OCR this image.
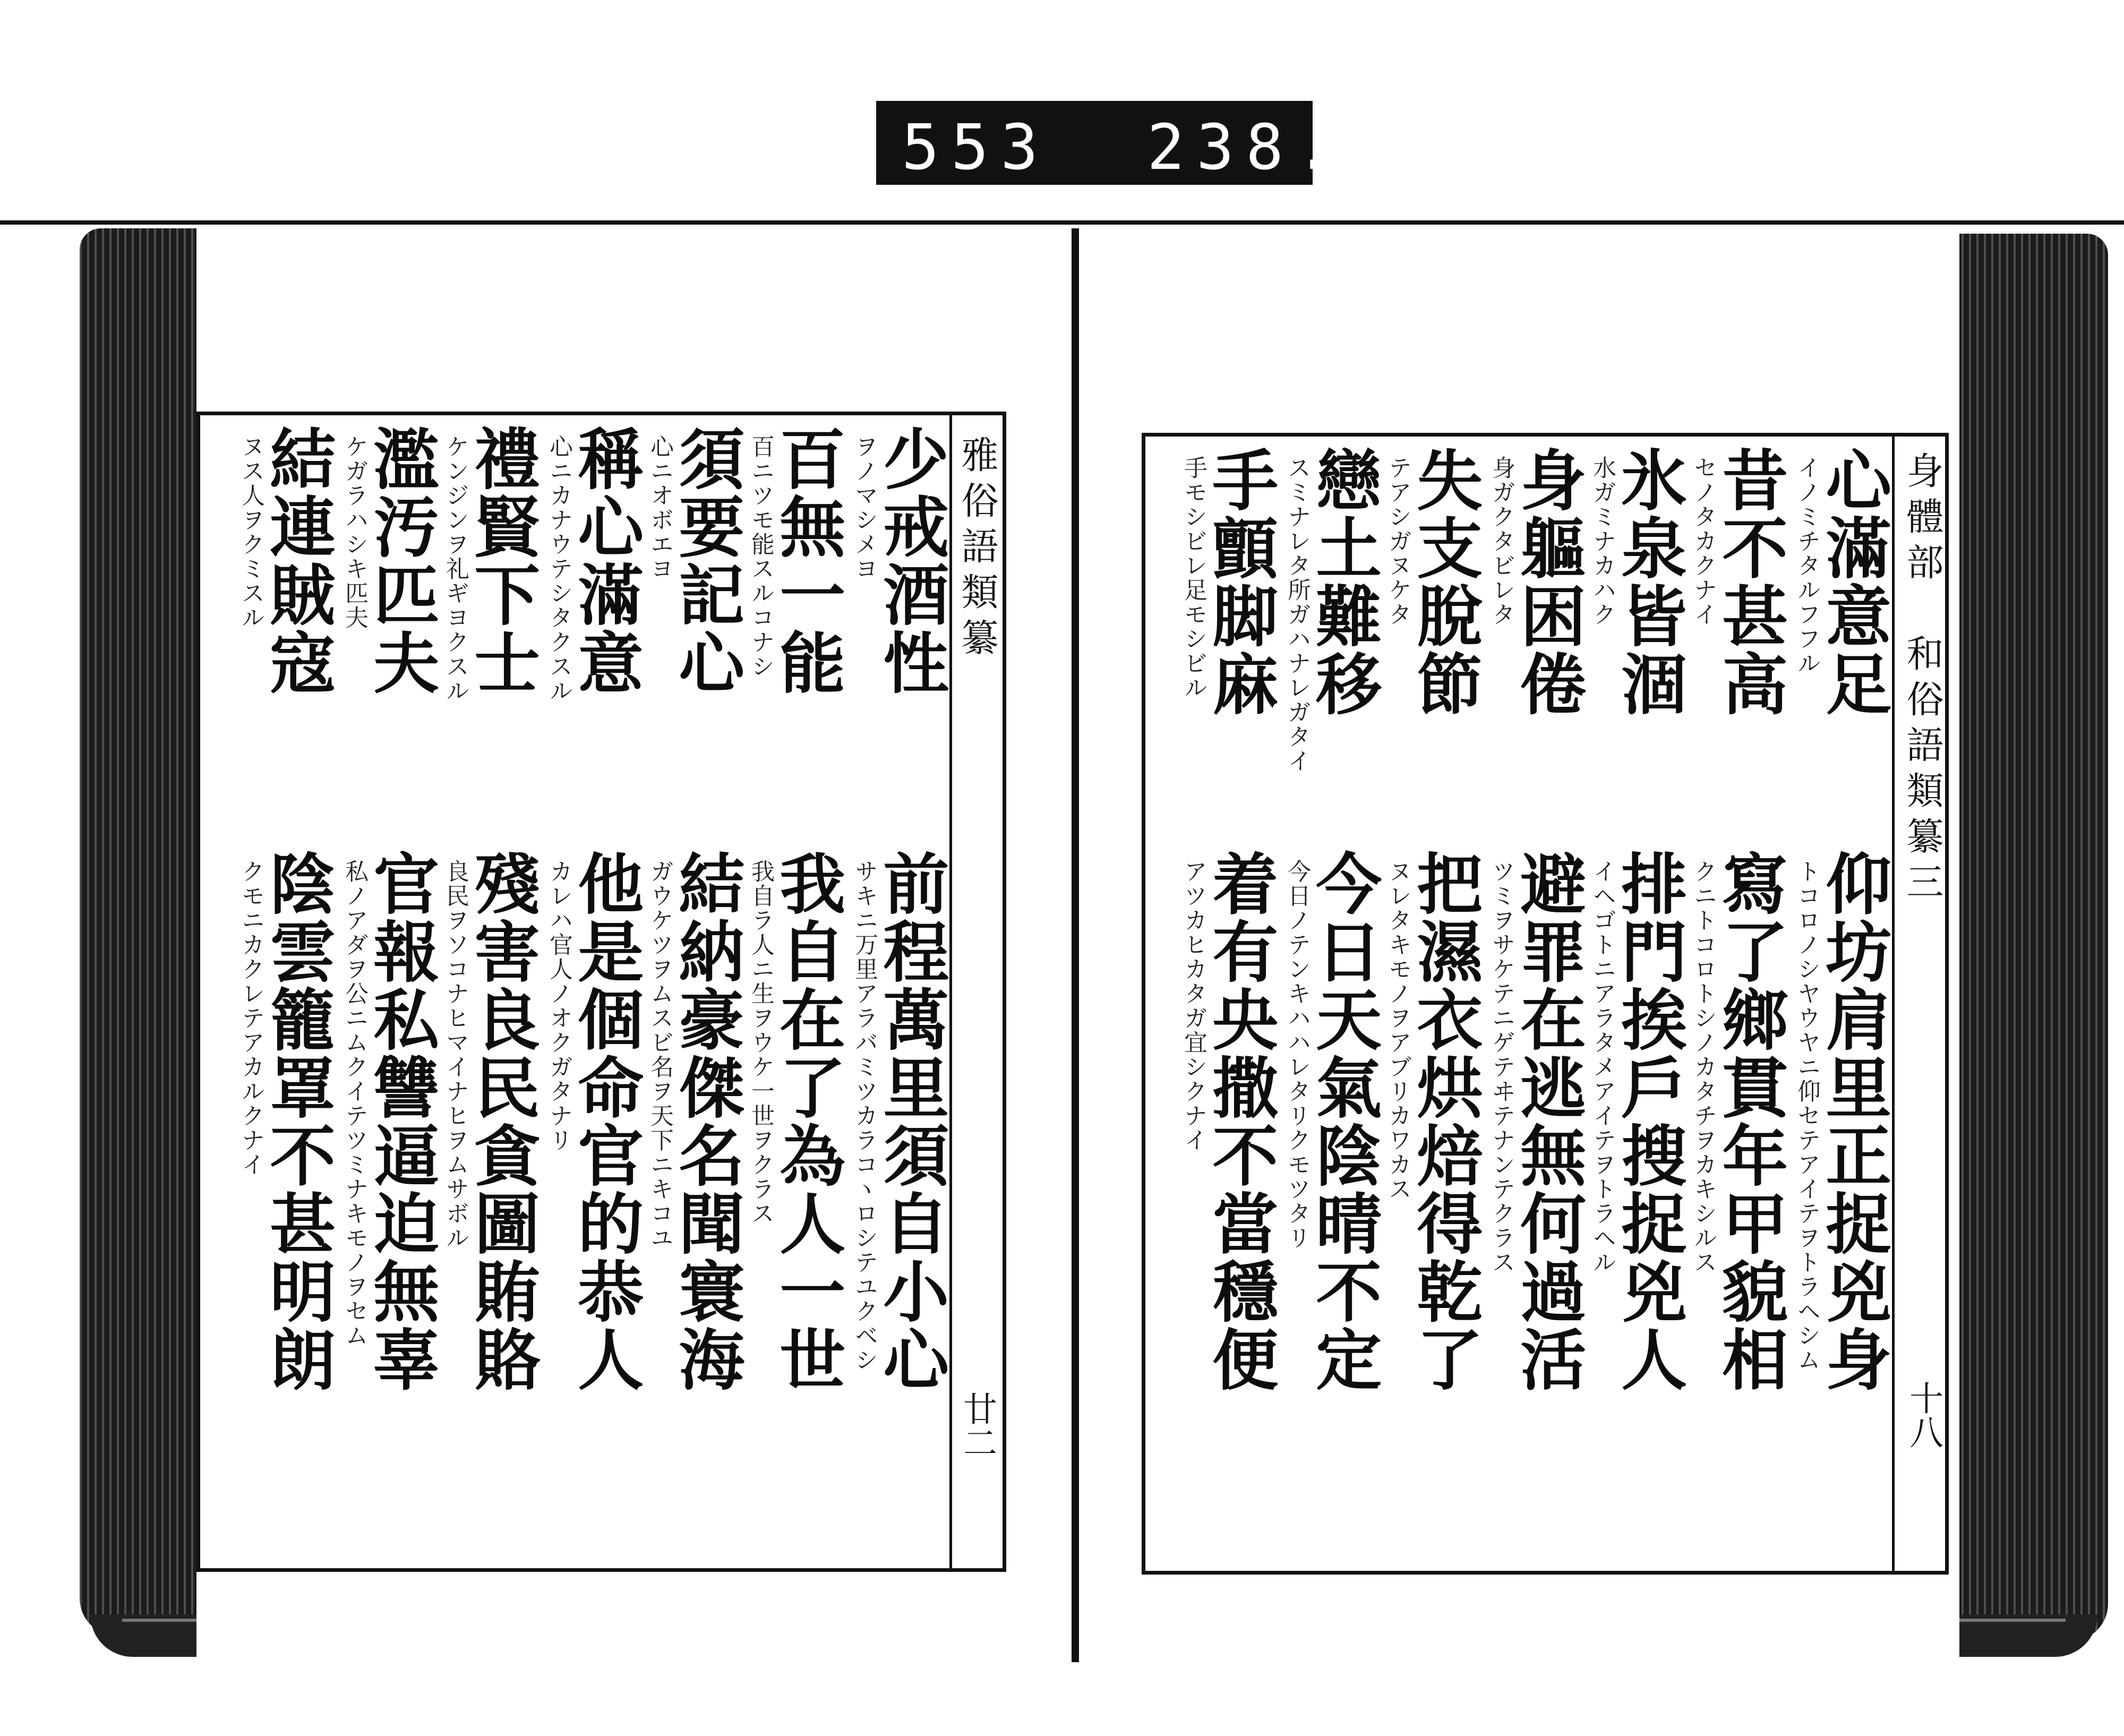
553 238.
雅俗語類纂
廿二
少戒酒性
ヲノマシメヨ
百無一能
百ニツモ能スルコナシ
須要記心
心ニオボエヨ
稱心滿意
心ニカナウテシタクスル
禮賢下士
ケンジンヲ礼ギヨクスル
濫汚匹夫
ケガラハシキ匹夫
結連賊寇
ヌス人ヲクミスル
前程萬里須自小心
サキニ万里アラバミツカラコヽロシテユクベシ
我自在了為人一世
我自ラ人ニ生ヲウケ一世ヲクラス
結納豪傑名聞寰海
ガウケツヲムスビ名ヲ天下ニキコユ
他是個命官的恭人
カレハ官人ノオクガタナリ
殘害良民貪圖賄賂
良民ヲソコナヒマイナヒヲムサボル
官報私讐逼迫無辜
私ノアダヲ公ニムクイテツミナキモノヲセム
陰雲籠罩不甚明朗
クモニカクレテアカルクナイ
身體部　和俗語類纂三
十八
心滿意足
イノミチタルフフル
昔不甚高
セノタカクナイ
氷泉皆涸
水ガミナカハク
身軀困倦
身ガクタビレタ
失支脫節
テアシガヌケタ
戀土難移
スミナレタ所ガハナレガタイ
手顫脚麻
手モシビレ足モシビル
仰坊肩里正捉兇身
トコロノシヤウヤニ仰セテアイテヲトラヘシム
寫了鄉貫年甲貌相
クニトコロトシノカタチヲカキシルス
排門挨戶搜捉兇人
イヘゴトニアラタメアイテヲトラヘル
避罪在逃無何過活
ツミヲサケテニゲテヰテナンテクラス
把濕衣烘焙得乾了
ヌレタキモノヲアブリカワカス
今日天氣陰晴不定
今日ノテンキハハレタリクモツタリ
着有央撒不當穩便
アツカヒカタガ宜シクナイ
